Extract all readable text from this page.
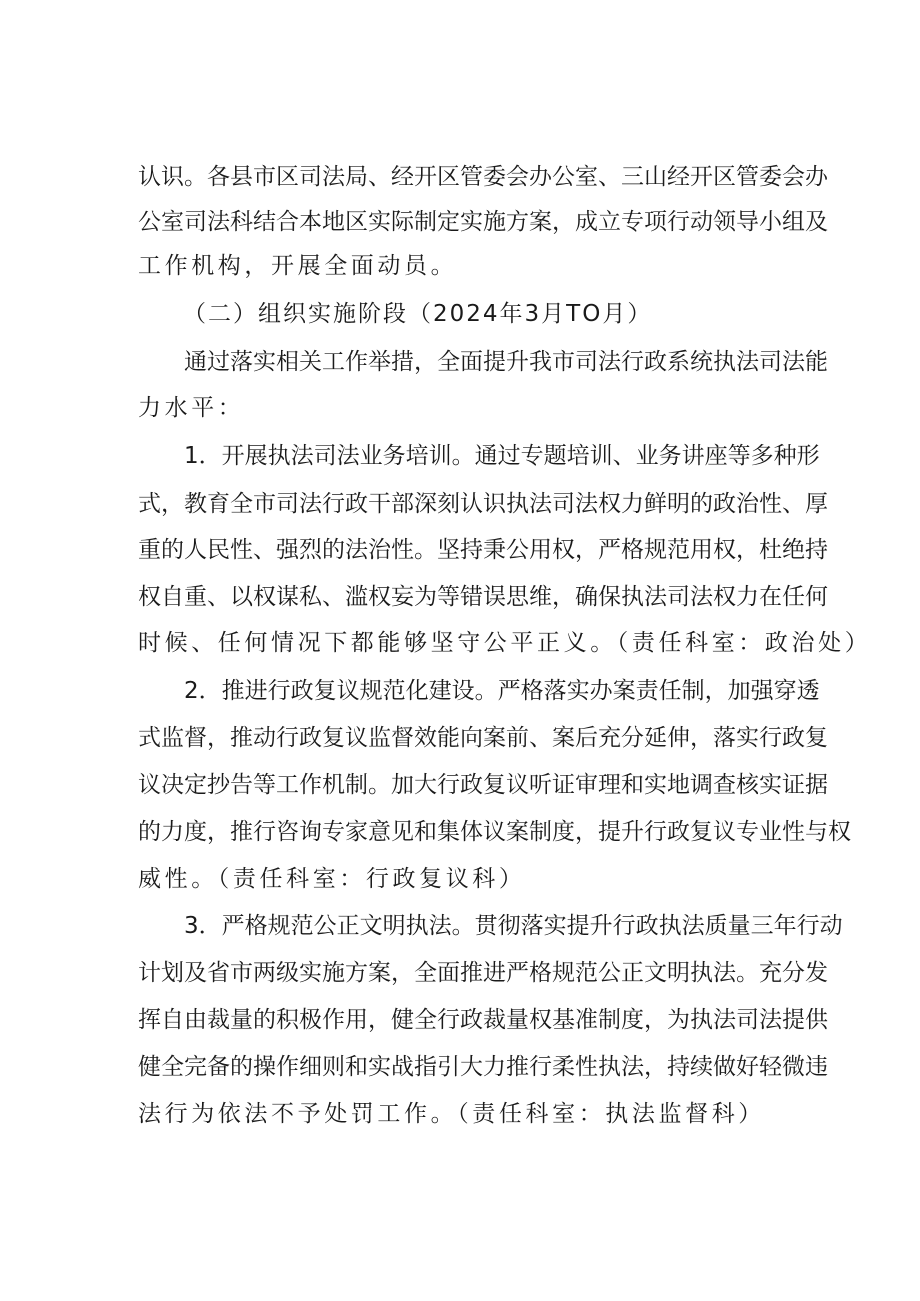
认 识 。 各 县 市 区 司 法 局 、 经 开 区 管 委 会 办 公 室 、 三 山 经 开 区 管 委 会 办
公 室 司 法 科 结 合 本 地 区 实 际 制 定 实 施 方 案 ， 成 立 专 项 行 动 领 导 小 组 及
工作机构，开展全面动员。
（二）组织实施阶段（2024年3月TO月）
通 过 落 实 相 关 工 作 举 措 ， 全 面 提 升 我 市 司 法 行 政 系 统 执 法 司 法 能
力水平：
1 ． 开 展 执 法 司 法 业 务 培 训 。 通 过 专 题 培 训 、 业 务 讲 座 等 多 种 形
式 ， 教 育 全 市 司 法 行 政 干 部 深 刻 认 识 执 法 司 法 权 力 鲜 明 的 政 治 性 、 厚
重 的 人 民 性 、 强 烈 的 法 治 性 。 坚 持 秉 公 用 权 ， 严 格 规 范 用 权 ， 杜 绝 持
权 自 重 、 以 权 谋 私 、 滥 权 妄 为 等 错 误 思 维 ， 确 保 执 法 司 法 权 力 在 任 何
时候、任何情况下都能够坚守公平正义。（责任科室：政治处）
2 ． 推 进 行 政 复 议 规 范 化 建 设 。 严 格 落 实 办 案 责 任 制 ， 加 强 穿 透
式 监 督 ， 推 动 行 政 复 议 监 督 效 能 向 案 前 、 案 后 充 分 延 伸 ， 落 实 行 政 复
议 决 定 抄 告 等 工 作 机 制 。 加 大 行 政 复 议 听 证 审 理 和 实 地 调 查 核 实 证 据
的 力 度 ， 推 行 咨 询 专 家 意 见 和 集 体 议 案 制 度 ， 提 升 行 政 复 议 专 业 性 与 权
威性。（责任科室：行政复议科）
3 ． 严 格 规 范 公 正 文 明 执 法 。 贯 彻 落 实 提 升 行 政 执 法 质 量 三 年 行 动
计 划 及 省 市 两 级 实 施 方 案 ， 全 面 推 进 严 格 规 范 公 正 文 明 执 法 。 充 分 发
挥 自 由 裁 量 的 积 极 作 用 ， 健 全 行 政 裁 量 权 基 准 制 度 ， 为 执 法 司 法 提 供
健 全 完 备 的 操 作 细 则 和 实 战 指 引 大 力 推 行 柔 性 执 法 ， 持 续 做 好 轻 微 违
法行为依法不予处罚工作。（责任科室：执法监督科）
